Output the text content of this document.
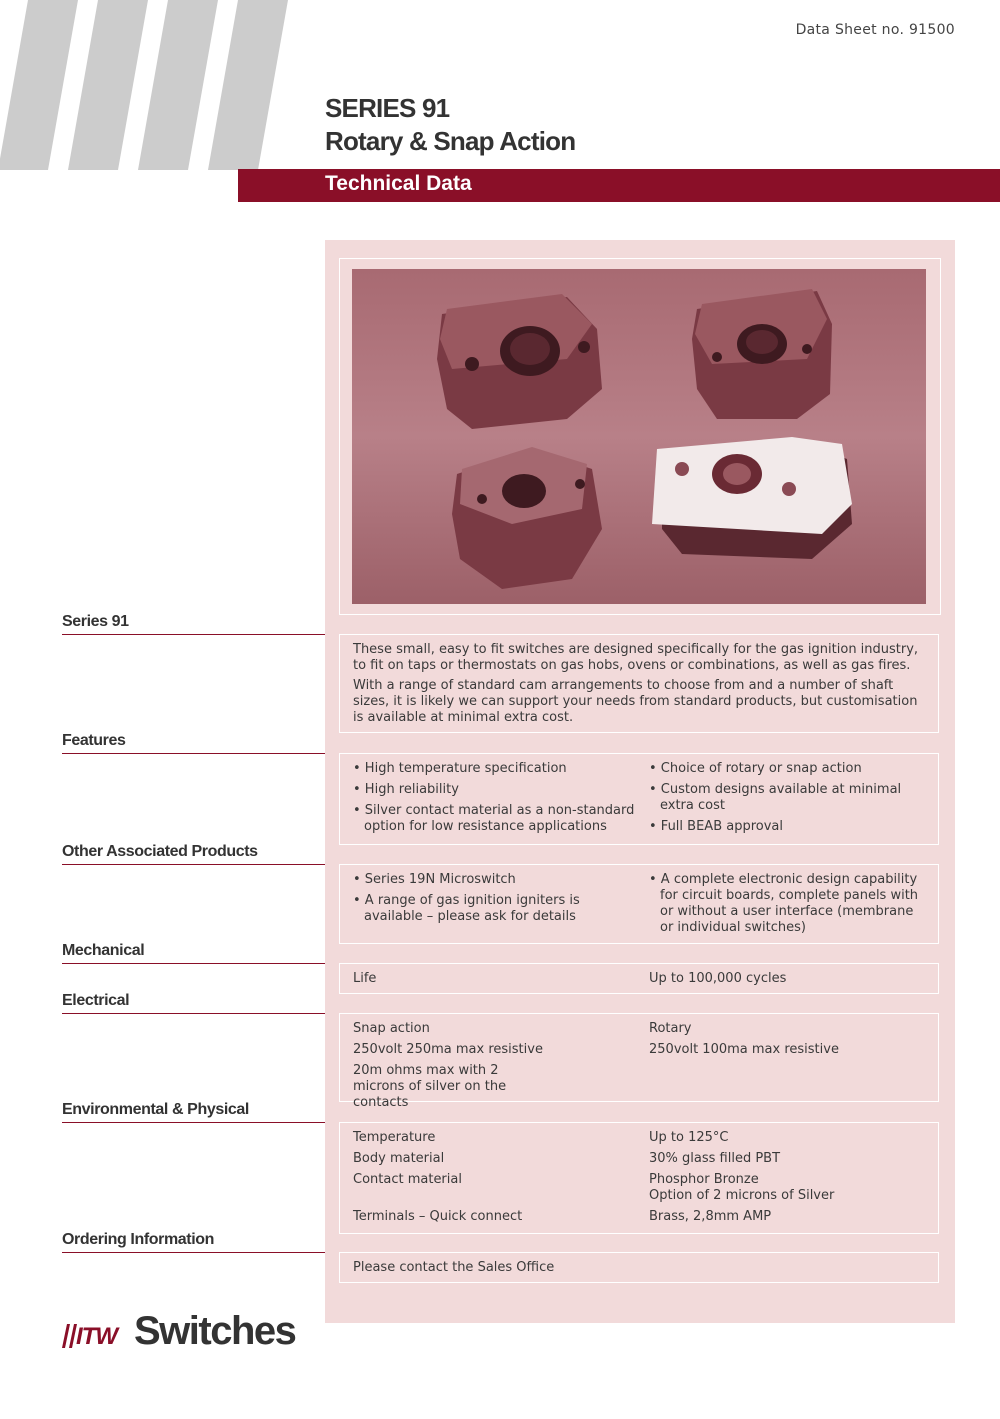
Data Sheet no. 91500
SERIES 91
Rotary & Snap Action
Technical Data
Series 91
Features
Other Associated Products
Mechanical
Electrical
Environmental & Physical
Ordering Information

These small, easy to fit switches are designed specifically for the gas ignition industry, to fit on taps or thermostats on gas hobs, ovens or combinations, as well as gas fires.

With a range of standard cam arrangements to choose from and a number of shaft sizes, it is likely we can support your needs from standard products, but customisation is available at minimal extra cost.

• High temperature specification
• High reliability
• Silver contact material as a non-standard option for low resistance applications
• Choice of rotary or snap action
• Custom designs available at minimal extra cost
• Full BEAB approval
• Series 19N Microswitch
• A range of gas ignition igniters is available – please ask for details
• A complete electronic design capability for circuit boards, complete panels with or without a user interface (membrane or individual switches)
Life	Up to 100,000 cycles
Snap action
250volt 250ma max resistive
20m ohms max with 2 microns of silver on the contacts
Rotary
250volt 100ma max resistive
Temperature
Body material
Contact material
Terminals – Quick connect
Up to 125°C
30% glass filled PBT
Phosphor Bronze
Option of 2 microns of Silver
Brass, 2,8mm AMP
Please contact the Sales Office
ITW Switches
